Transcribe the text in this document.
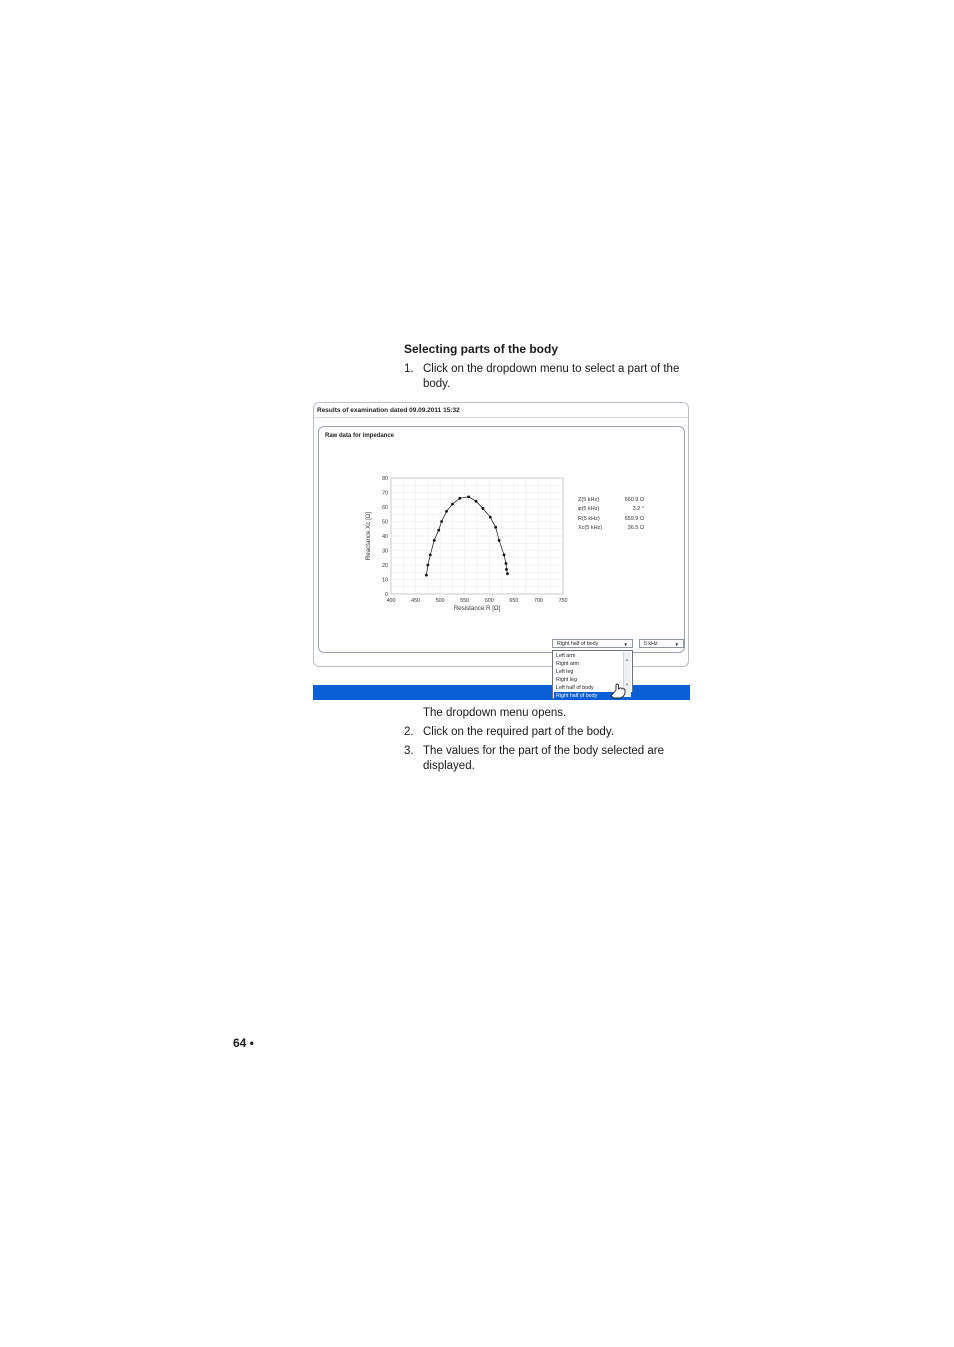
Selecting parts of the body
1. Click on the dropdown menu to select a part of the body.
Results of examination dated 09.09.2011 15:32
Raw data for impedance
400	450	500	550	600	650	700	750
0
10
20
30
40
50
60
70
80
Resistance R [Ω]
Reactance Xc [Ω]
Z(5 kHz)	660.9 Ω
φ(5 kHz)	3.2 °
R(5 kHz)	659.9 Ω
Xc(5 kHz)	36.5 Ω
Right half of body	▼	5 kHz	▼
Left arm
Right arm
Left leg
Right leg
Left half of body
Right half of body
▲
▼
The dropdown menu opens.
2. Click on the required part of the body.
3. The values for the part of the body selected are displayed.
64 •
